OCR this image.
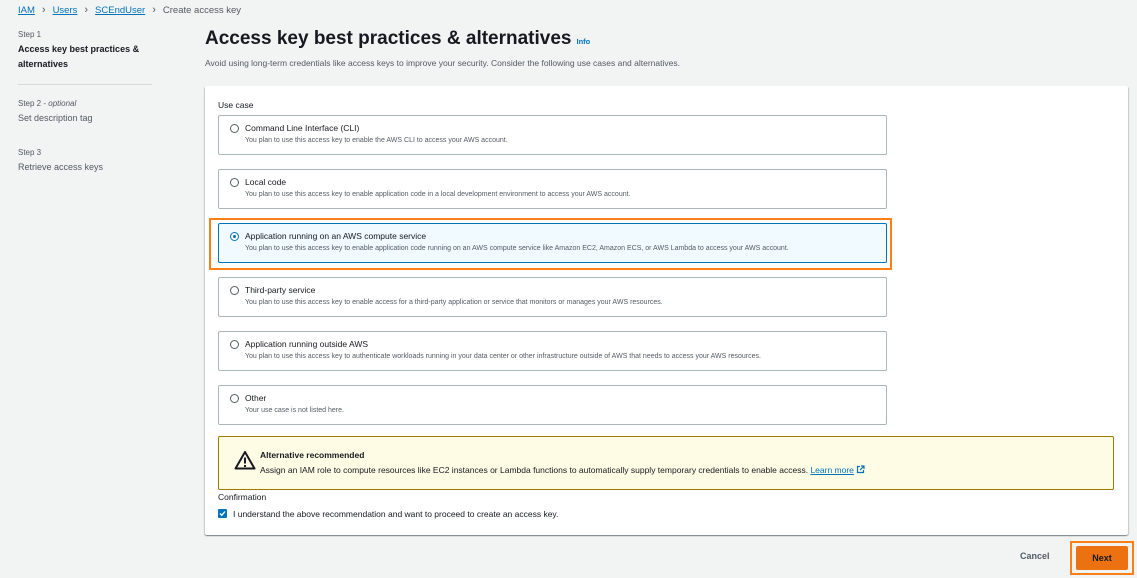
IAM › Users › SCEndUser › Create access key
Step 1
Access key best practices & alternatives
Step 2 - optional
Set description tag
Step 3
Retrieve access keys
Access key best practices & alternatives Info

Avoid using long-term credentials like access keys to improve your security. Consider the following use cases and alternatives.

Use case
Command Line Interface (CLI)
You plan to use this access key to enable the AWS CLI to access your AWS account.
Local code
You plan to use this access key to enable application code in a local development environment to access your AWS account.
Application running on an AWS compute service
You plan to use this access key to enable application code running on an AWS compute service like Amazon EC2, Amazon ECS, or AWS Lambda to access your AWS account.
Third-party service
You plan to use this access key to enable access for a third-party application or service that monitors or manages your AWS resources.
Application running outside AWS
You plan to use this access key to authenticate workloads running in your data center or other infrastructure outside of AWS that needs to access your AWS resources.
Other
Your use case is not listed here.
Alternative recommended
Assign an IAM role to compute resources like EC2 instances or Lambda functions to automatically supply temporary credentials to enable access. Learn more
Confirmation
I understand the above recommendation and want to proceed to create an access key.
Cancel	Next
